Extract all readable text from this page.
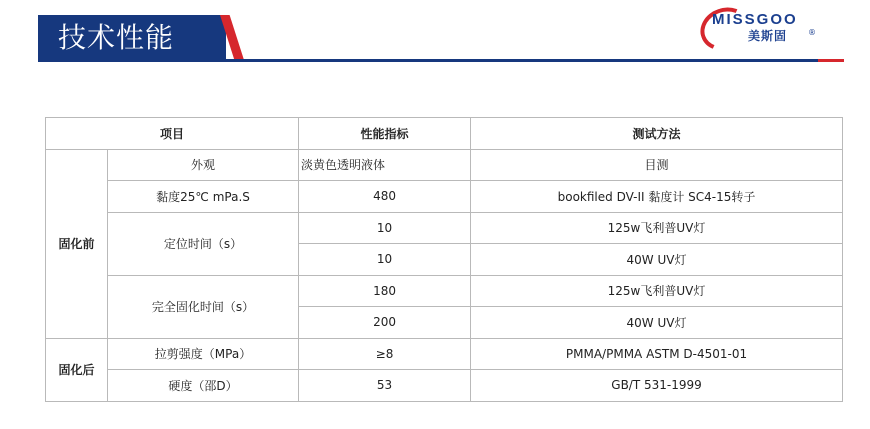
技术性能
MISSGOO
美斯固	®
项目		性能指标	测试方法
固化前	外观	淡黄色透明液体	目测
	黏度25℃ mPa.S	480	bookfiled DV-II 黏度计 SC4-15转子
	定位时间（s）	10	125w飞利普UV灯
		10	40W UV灯
	完全固化时间（s）	180	125w飞利普UV灯
		200	40W UV灯
固化后	拉剪强度（MPa）	≥8	PMMA/PMMA ASTM D-4501-01
	硬度（邵D）	53	GB/T 531-1999
